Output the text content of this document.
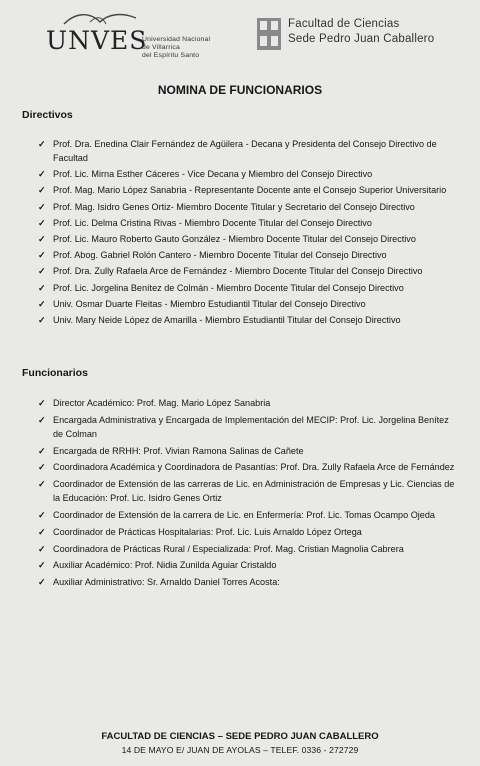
UNVES
Universidad Nacional
de Villarrica
del Espíritu Santo
Facultad de Ciencias
Sede Pedro Juan Caballero
NOMINA DE FUNCIONARIOS
Directivos
✓ Prof. Dra. Enedina Clair Fernández de Agüilera - Decana y Presidenta del Consejo Directivo de Facultad
✓ Prof. Lic. Mirna Esther Cáceres - Vice Decana y Miembro del Consejo Directivo
✓ Prof. Mag. Mario López Sanabria - Representante Docente ante el Consejo Superior Universitario
✓ Prof. Mag. Isidro Genes Ortiz- Miembro Docente Titular y Secretario del Consejo Directivo
✓ Prof. Lic. Delma Cristina Rivas - Miembro Docente Titular del Consejo Directivo
✓ Prof. Lic. Mauro Roberto Gauto González - Miembro Docente Titular del Consejo Directivo
✓ Prof. Abog. Gabriel Rolón Cantero - Miembro Docente Titular del Consejo Directivo
✓ Prof. Dra. Zully Rafaela Arce de Fernández - Miembro Docente Titular del Consejo Directivo
✓ Prof. Lic. Jorgelina Benítez de Colmán - Miembro Docente Titular del Consejo Directivo
✓ Univ. Osmar Duarte Fleitas - Miembro Estudiantil Titular del Consejo Directivo
✓ Univ. Mary Neide López de Amarilla - Miembro Estudiantil Titular del Consejo Directivo
Funcionarios
✓ Director Académico: Prof. Mag. Mario López Sanabria
✓ Encargada Administrativa y Encargada de Implementación del MECIP: Prof. Lic. Jorgelina Benítez de Colman
✓ Encargada de RRHH: Prof. Vivian Ramona Salinas de Cañete
✓ Coordinadora Académica y Coordinadora de Pasantías: Prof. Dra. Zully Rafaela Arce de Fernández
✓ Coordinador de Extensión de las carreras de Lic. en Administración de Empresas y Lic. Ciencias de la Educación: Prof. Lic. Isidro Genes Ortiz
✓ Coordinador de Extensión de la carrera de Lic. en Enfermería: Prof. Lic. Tomas Ocampo Ojeda
✓ Coordinador de Prácticas Hospitalarias: Prof. Lic. Luis Arnaldo López Ortega
✓ Coordinadora de Prácticas Rural / Especializada: Prof. Mag. Cristian Magnolia Cabrera
✓ Auxiliar Académico: Prof. Nidia Zunilda Aguiar Cristaldo
✓ Auxiliar Administrativo: Sr. Arnaldo Daniel Torres Acosta:
FACULTAD DE CIENCIAS – SEDE PEDRO JUAN CABALLERO
14 DE MAYO E/ JUAN DE AYOLAS – TELEF. 0336 - 272729
